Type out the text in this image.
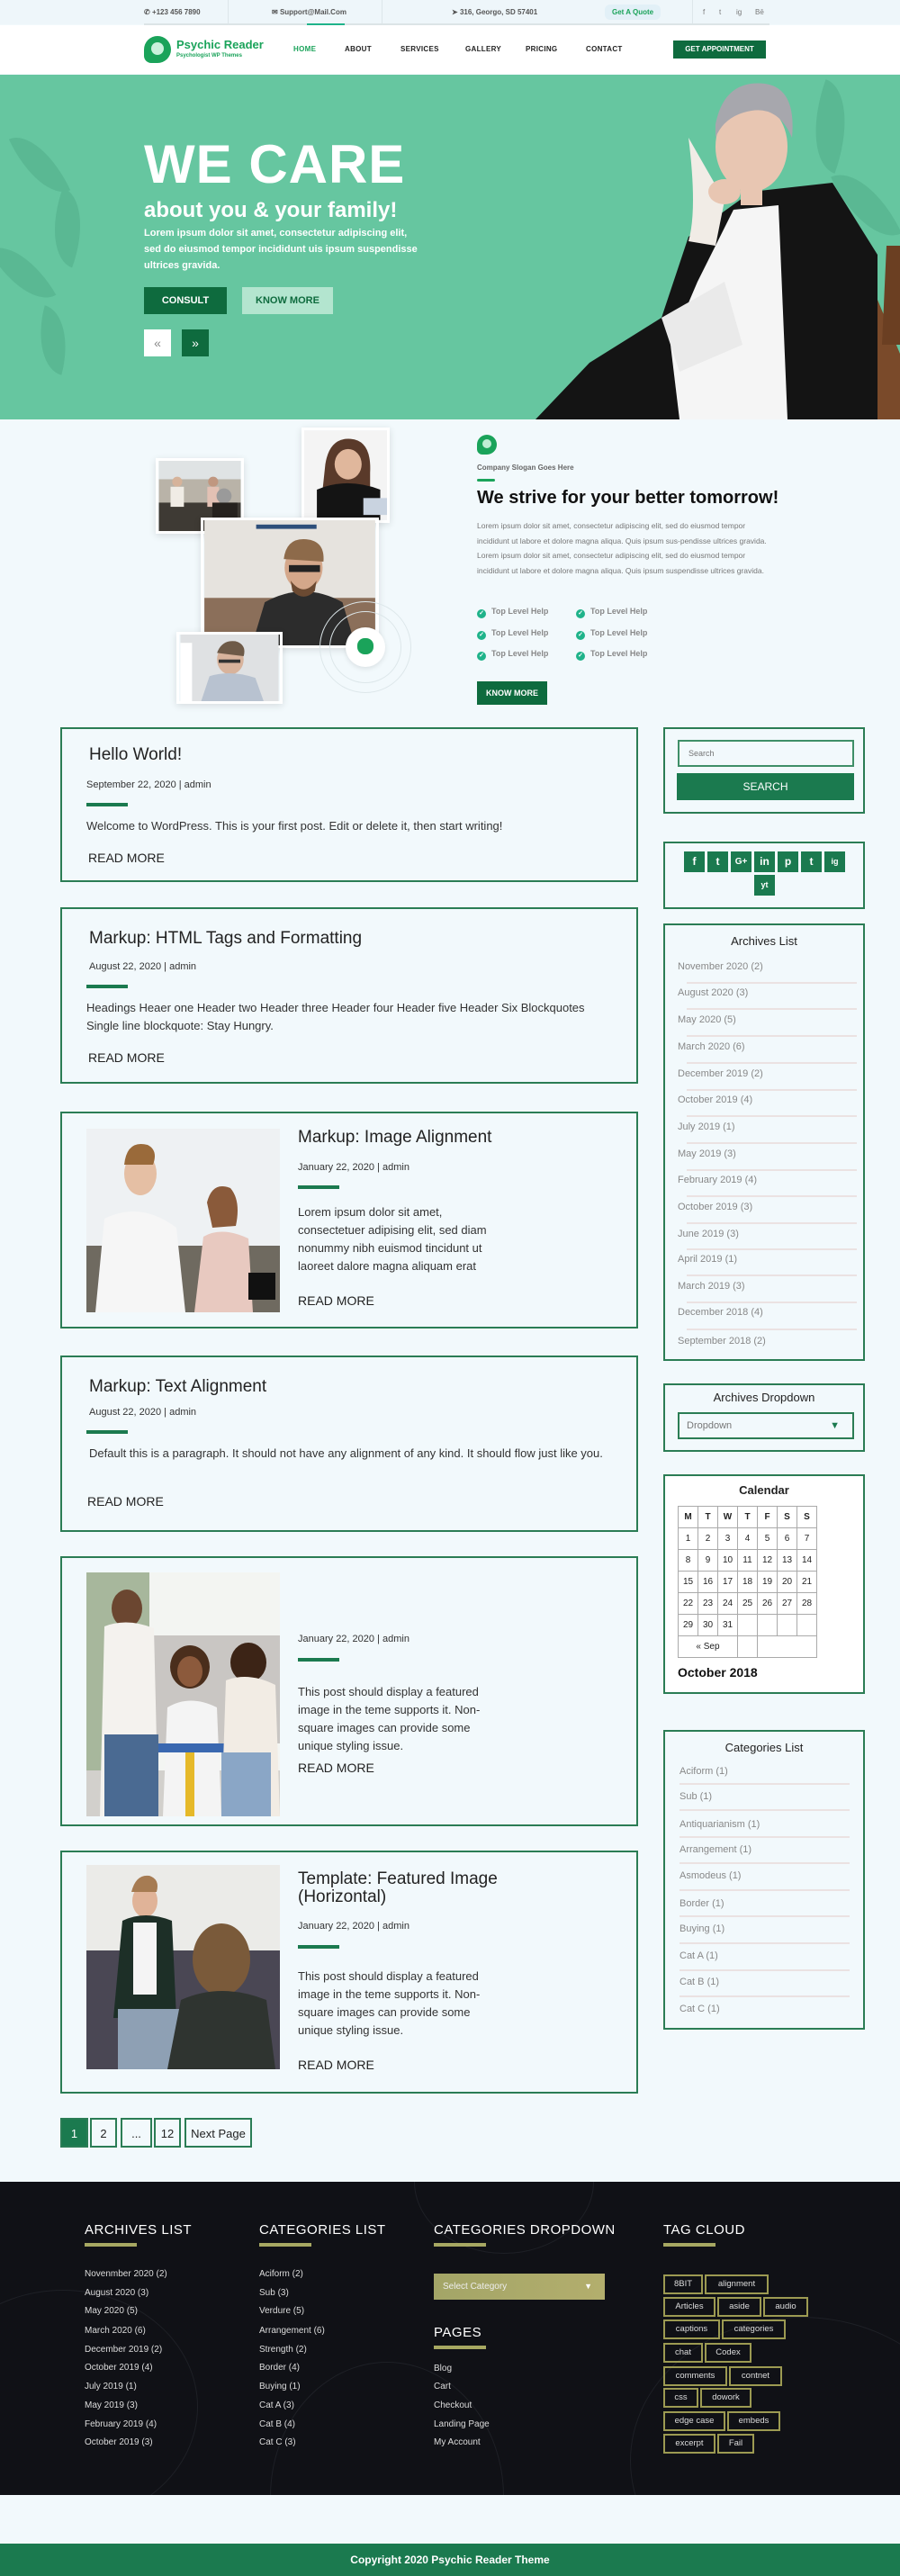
✆ +123 456 7890	✉ Support@Mail.Com	➤ 316, Georgo, SD 57401	Get A Quote	f t ig Bē
Psychic Reader
Psychologist WP Themes
HOME	ABOUT	SERVICES	GALLERY	PRICING	CONTACT	GET APPOINTMENT
WE CARE
about you & your family!
Lorem ipsum dolor sit amet, consectetur adipiscing elit, sed do eiusmod tempor incididunt uis ipsum suspendisse ultrices gravida.
CONSULT	KNOW MORE
«	»
Company Slogan Goes Here
We strive for your better tomorrow!
Lorem ipsum dolor sit amet, consectetur adipiscing elit, sed do eiusmod tempor incididunt ut labore et dolore magna aliqua. Quis ipsum sus-pendisse ultrices gravida. Lorem ipsum dolor sit amet, consectetur adipiscing elit, sed do eiusmod tempor incididunt ut labore et dolore magna aliqua. Quis ipsum suspendisse ultrices gravida.
✓ Top Level Help	✓ Top Level Help
✓ Top Level Help	✓ Top Level Help
✓ Top Level Help	✓ Top Level Help
KNOW MORE
Hello World!
September 22, 2020 | admin
Welcome to WordPress. This is your first post. Edit or delete it, then start writing!
READ MORE
Markup: HTML Tags and Formatting
August 22, 2020 | admin
Headings Heaer one Header two Header three Header four Header five Header Six Blockquotes Single line blockquote: Stay Hungry.
READ MORE
Markup: Image Alignment
January 22, 2020 | admin
Lorem ipsum dolor sit amet, consectetuer adipising elit, sed diam nonummy nibh euismod tincidunt ut laoreet dalore magna aliquam erat
READ MORE
Markup: Text Alignment
August 22, 2020 | admin
Default this is a paragraph. It should not have any alignment of any kind. It should flow just like you.
READ MORE
January 22, 2020 | admin
This post should display a featured image in the teme supports it. Non-square images can provide some unique styling issue.
READ MORE
Template: Featured Image (Horizontal)
January 22, 2020 | admin
This post should display a featured image in the teme supports it. Non-square images can provide some unique styling issue.
READ MORE
1	2	...	12	Next Page
Search
SEARCH
f	t	G+	in	p	t	ig
yt
Archives List
November 2020 (2)
August 2020 (3)
May 2020 (5)
March 2020 (6)
December 2019 (2)
October 2019 (4)
July 2019 (1)
May 2019 (3)
February 2019 (4)
October 2019 (3)
June 2019 (3)
April 2019 (1)
March 2019 (3)
December 2018 (4)
September 2018 (2)
Archives Dropdown
Dropdown	▼
Calendar
M	T	W	T	F	S	S
1	2	3	4	5	6	7
8	9	10	11	12	13	14
15	16	17	18	19	20	21
22	23	24	25	26	27	28
29	30	31				
« Sep						
October 2018
Categories List
Aciform (1)
Sub (1)
Antiquarianism (1)
Arrangement (1)
Asmodeus (1)
Border (1)
Buying (1)
Cat A (1)
Cat B (1)
Cat C (1)
ARCHIVES LIST
Novenmber 2020 (2)
August 2020 (3)
May 2020 (5)
March 2020 (6)
December 2019 (2)
October 2019 (4)
July 2019 (1)
May 2019 (3)
February 2019 (4)
October 2019 (3)
CATEGORIES LIST
Aciform (2)
Sub (3)
Verdure (5)
Arrangement (6)
Strength (2)
Border (4)
Buying (1)
Cat A (3)
Cat B (4)
Cat C (3)
CATEGORIES DROPDOWN
Select Category	▼
PAGES
Blog
Cart
Checkout
Landing Page
My Account
TAG CLOUD
8BIT	alignment
Articles	aside	audio
captions	categories
chat	Codex
comments	contnet
css	dowork
edge case	embeds
excerpt	Fail
Copyright 2020 Psychic Reader Theme
